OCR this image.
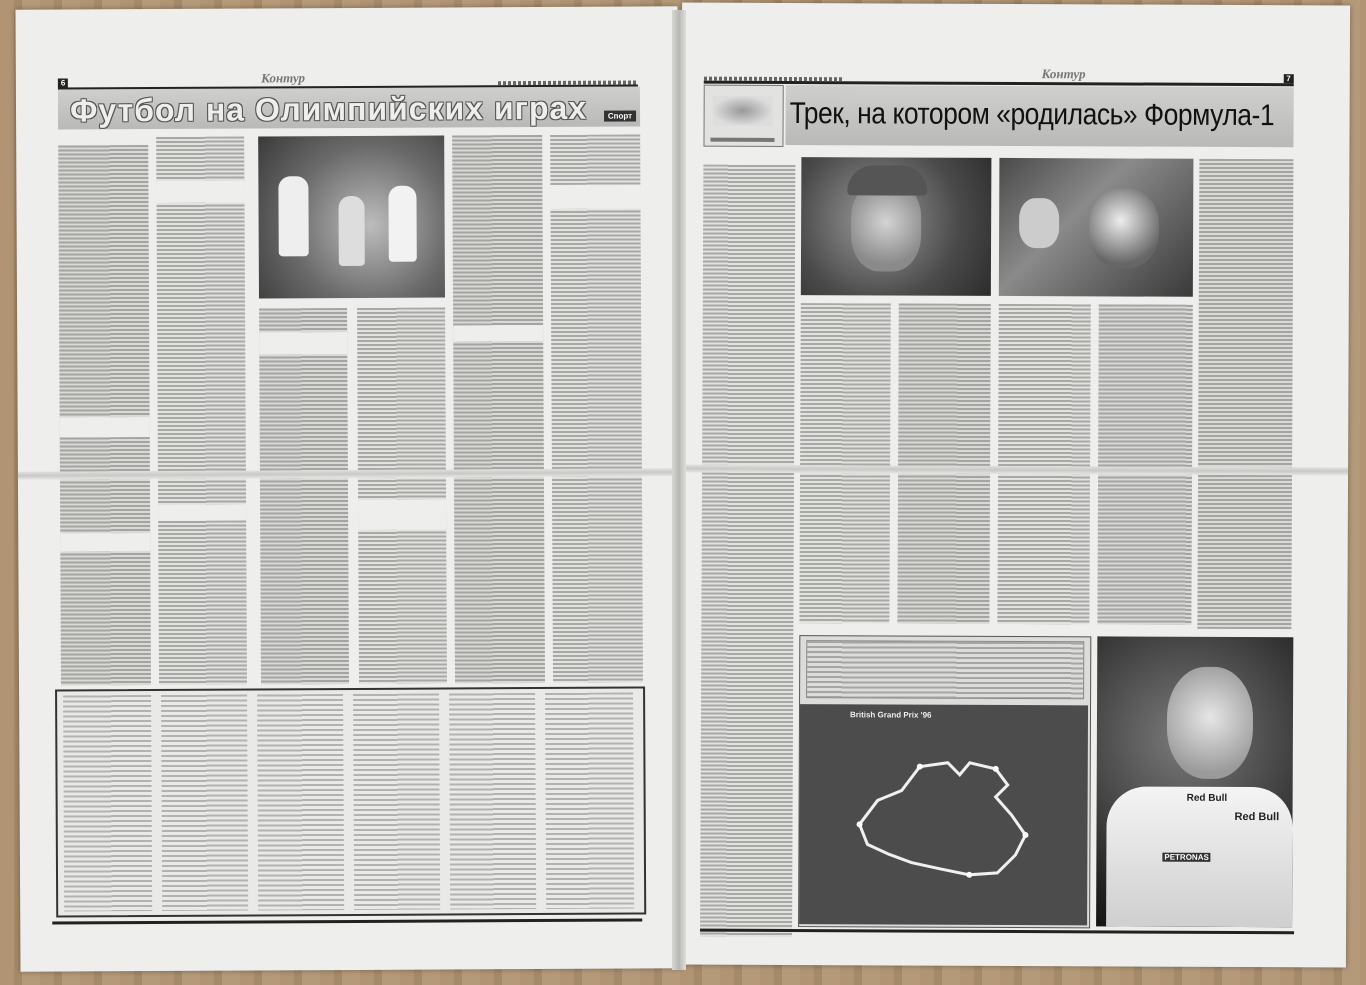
6	Контур
Футбол на Олимпийских играх	Спорт
Контур	7
Трек, на котором «родилась» Формула-1
British Grand Prix '96
Red Bull
Red Bull
PETRONAS
